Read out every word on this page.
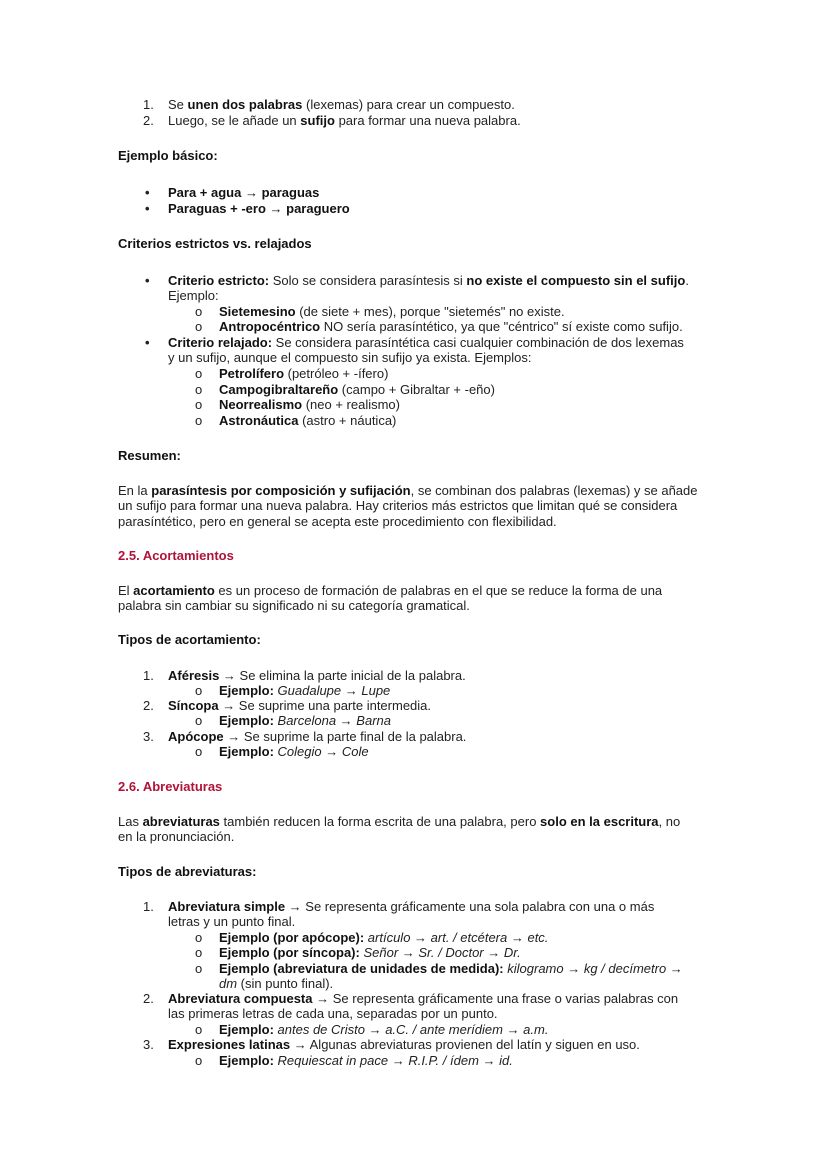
1. Se unen dos palabras (lexemas) para crear un compuesto.
2. Luego, se le añade un sufijo para formar una nueva palabra.
Ejemplo básico:
• Para + agua → paraguas
• Paraguas + -ero → paraguero
Criterios estrictos vs. relajados
• Criterio estricto: Solo se considera parasíntesis si no existe el compuesto sin el sufijo.
Ejemplo:
o Sietemesino (de siete + mes), porque "sietemés" no existe.
o Antropocéntrico NO sería parasíntético, ya que "céntrico" sí existe como sufijo.
• Criterio relajado: Se considera parasíntética casi cualquier combinación de dos lexemas
y un sufijo, aunque el compuesto sin sufijo ya exista. Ejemplos:
o Petrolífero (petróleo + -ífero)
o Campogibraltareño (campo + Gibraltar + -eño)
o Neorrealismo (neo + realismo)
o Astronáutica (astro + náutica)
Resumen:
En la parasíntesis por composición y sufijación, se combinan dos palabras (lexemas) y se añade
un sufijo para formar una nueva palabra. Hay criterios más estrictos que limitan qué se considera
parasíntético, pero en general se acepta este procedimiento con flexibilidad.
2.5. Acortamientos
El acortamiento es un proceso de formación de palabras en el que se reduce la forma de una
palabra sin cambiar su significado ni su categoría gramatical.
Tipos de acortamiento:
1. Aféresis → Se elimina la parte inicial de la palabra.
o Ejemplo: Guadalupe → Lupe
2. Síncopa → Se suprime una parte intermedia.
o Ejemplo: Barcelona → Barna
3. Apócope → Se suprime la parte final de la palabra.
o Ejemplo: Colegio → Cole
2.6. Abreviaturas
Las abreviaturas también reducen la forma escrita de una palabra, pero solo en la escritura, no
en la pronunciación.
Tipos de abreviaturas:
1. Abreviatura simple → Se representa gráficamente una sola palabra con una o más
letras y un punto final.
o Ejemplo (por apócope): artículo → art. / etcétera → etc.
o Ejemplo (por síncopa): Señor → Sr. / Doctor → Dr.
o Ejemplo (abreviatura de unidades de medida): kilogramo → kg / decímetro →
dm (sin punto final).
2. Abreviatura compuesta → Se representa gráficamente una frase o varias palabras con
las primeras letras de cada una, separadas por un punto.
o Ejemplo: antes de Cristo → a.C. / ante merídiem → a.m.
3. Expresiones latinas → Algunas abreviaturas provienen del latín y siguen en uso.
o Ejemplo: Requiescat in pace → R.I.P. / ídem → id.
